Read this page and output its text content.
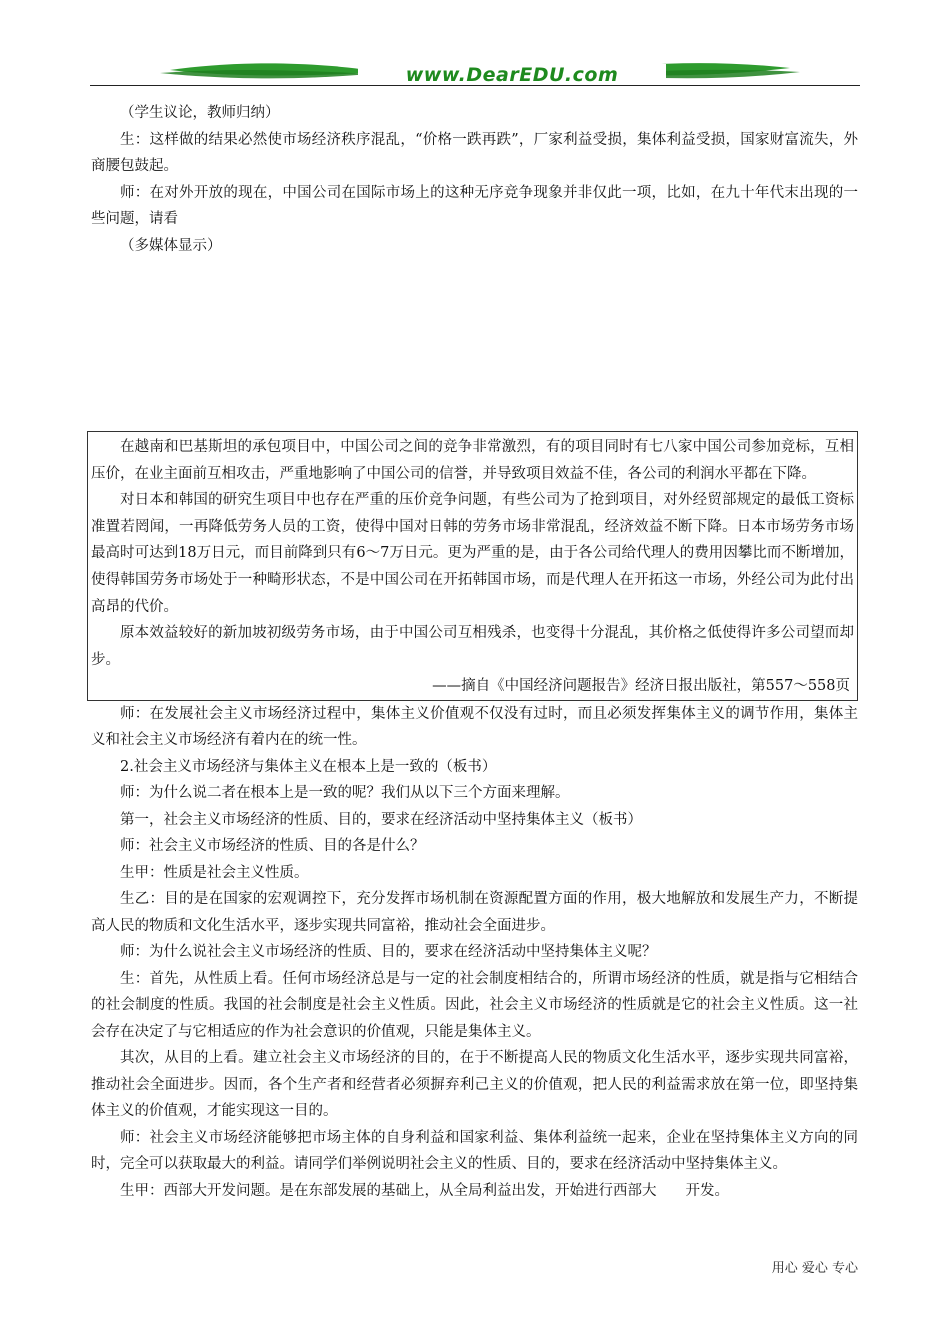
www.DearEDU.com

（学生议论，教师归纳）

生：这样做的结果必然使市场经济秩序混乱，“价格一跌再跌”，厂家利益受损，集体利益受损，国家财富流失，外商腰包鼓起。

师：在对外开放的现在，中国公司在国际市场上的这种无序竞争现象并非仅此一项，比如，在九十年代末出现的一些问题，请看

（多媒体显示）

在越南和巴基斯坦的承包项目中，中国公司之间的竞争非常激烈，有的项目同时有七八家中国公司参加竞标，互相压价，在业主面前互相攻击，严重地影响了中国公司的信誉，并导致项目效益不佳，各公司的利润水平都在下降。

对日本和韩国的研究生项目中也存在严重的压价竞争问题，有些公司为了抢到项目，对外经贸部规定的最低工资标准置若罔闻，一再降低劳务人员的工资，使得中国对日韩的劳务市场非常混乱，经济效益不断下降。日本市场劳务市场最高时可达到18万日元，而目前降到只有6～7万日元。更为严重的是，由于各公司给代理人的费用因攀比而不断增加，使得韩国劳务市场处于一种畸形状态，不是中国公司在开拓韩国市场，而是代理人在开拓这一市场，外经公司为此付出高昂的代价。

原本效益较好的新加坡初级劳务市场，由于中国公司互相残杀，也变得十分混乱，其价格之低使得许多公司望而却步。

——摘自《中国经济问题报告》经济日报出版社，第557～558页

师：在发展社会主义市场经济过程中，集体主义价值观不仅没有过时，而且必须发挥集体主义的调节作用，集体主义和社会主义市场经济有着内在的统一性。

2.社会主义市场经济与集体主义在根本上是一致的（板书）

师：为什么说二者在根本上是一致的呢？我们从以下三个方面来理解。

第一，社会主义市场经济的性质、目的，要求在经济活动中坚持集体主义（板书）

师：社会主义市场经济的性质、目的各是什么？

生甲：性质是社会主义性质。

生乙：目的是在国家的宏观调控下，充分发挥市场机制在资源配置方面的作用，极大地解放和发展生产力，不断提高人民的物质和文化生活水平，逐步实现共同富裕，推动社会全面进步。

师：为什么说社会主义市场经济的性质、目的，要求在经济活动中坚持集体主义呢？

生：首先，从性质上看。任何市场经济总是与一定的社会制度相结合的，所谓市场经济的性质，就是指与它相结合的社会制度的性质。我国的社会制度是社会主义性质。因此，社会主义市场经济的性质就是它的社会主义性质。这一社会存在决定了与它相适应的作为社会意识的价值观，只能是集体主义。

其次，从目的上看。建立社会主义市场经济的目的，在于不断提高人民的物质文化生活水平，逐步实现共同富裕，推动社会全面进步。因而，各个生产者和经营者必须摒弃利己主义的价值观，把人民的利益需求放在第一位，即坚持集体主义的价值观，才能实现这一目的。

师：社会主义市场经济能够把市场主体的自身利益和国家利益、集体利益统一起来，企业在坚持集体主义方向的同时，完全可以获取最大的利益。请同学们举例说明社会主义的性质、目的，要求在经济活动中坚持集体主义。

生甲：西部大开发问题。是在东部发展的基础上，从全局利益出发，开始进行西部大　　开发。

用心 爱心 专心
